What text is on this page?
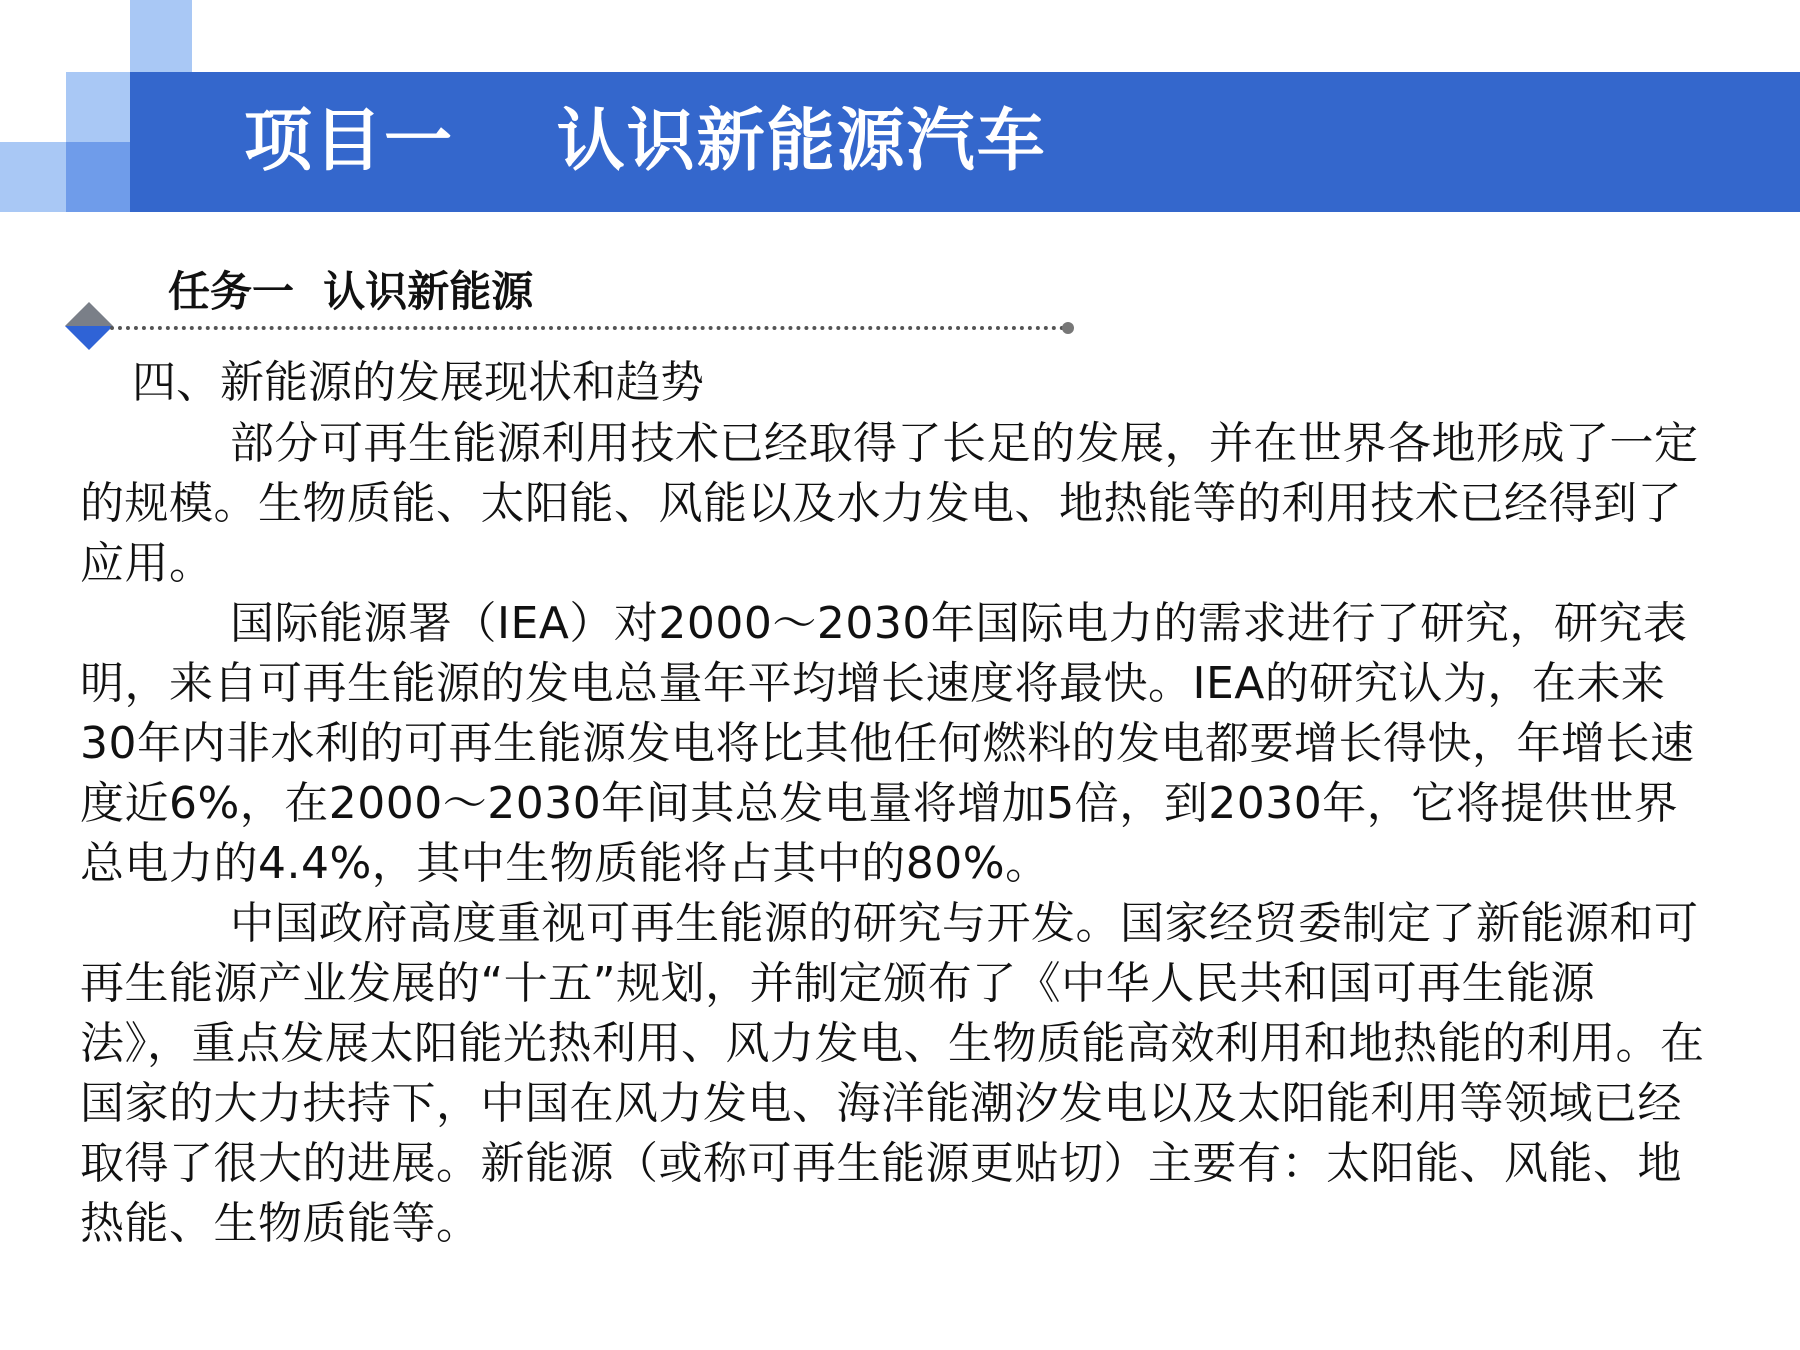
项目一    认识新能源汽车
任务一  认识新能源
四、新能源的发展现状和趋势

部分可再生能源利用技术已经取得了长足的发展，并在世界各地形成了一定的规模。生物质能、太阳能、风能以及水力发电、地热能等的利用技术已经得到了应用。

国际能源署（IEA）对2000～2030年国际电力的需求进行了研究，研究表明，来自可再生能源的发电总量年平均增长速度将最快。IEA的研究认为，在未来30年内非水利的可再生能源发电将比其他任何燃料的发电都要增长得快，年增长速度近6%，在2000～2030年间其总发电量将增加5倍，到2030年，它将提供世界总电力的4.4%，其中生物质能将占其中的80%。

中国政府高度重视可再生能源的研究与开发。国家经贸委制定了新能源和可再生能源产业发展的“十五”规划，并制定颁布了《中华人民共和国可再生能源法》，重点发展太阳能光热利用、风力发电、生物质能高效利用和地热能的利用。在国家的大力扶持下，中国在风力发电、海洋能潮汐发电以及太阳能利用等领域已经取得了很大的进展。新能源（或称可再生能源更贴切）主要有：太阳能、风能、地热能、生物质能等。
